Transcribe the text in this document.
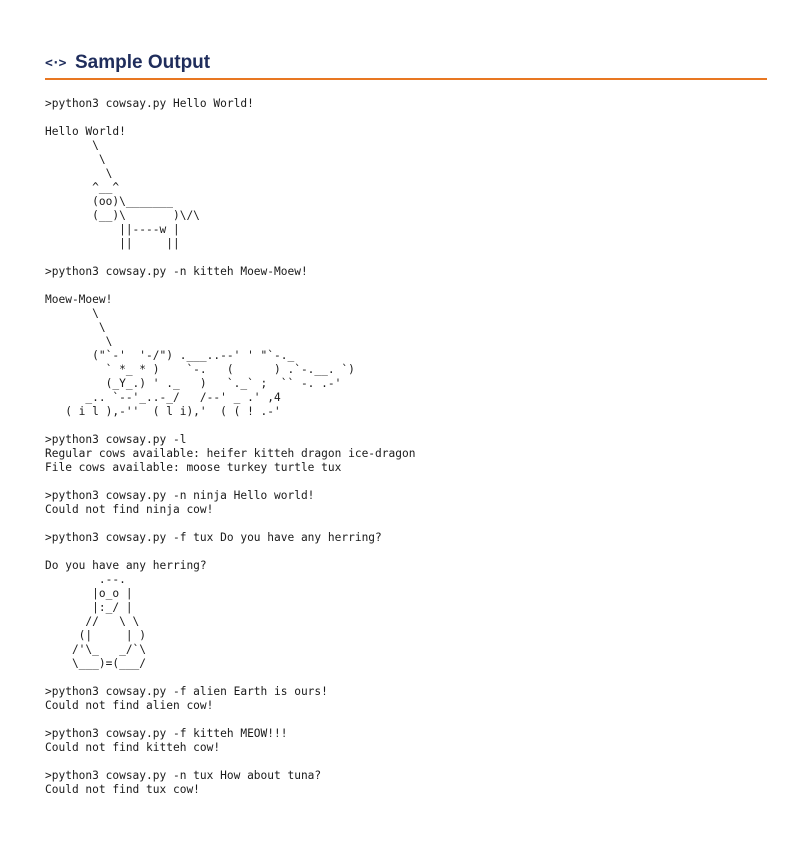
<·> Sample Output
>python3 cowsay.py Hello World!

Hello World!
\
\
\
^__^
(oo)\_______
(__)\       )\/\
||----w |
||     ||

>python3 cowsay.py -n kitteh Moew-Moew!

Moew-Moew!
\
\
\
("`-'  '-/") .___..--' ' "`-._
` *_ * )    `-.   (      ) .`-.__. `)
(_Y_.) ' ._   )   `._` ;  `` -. .-'
_.. `--'_..-_/   /--' _ .' ,4
( i l ),-''  ( l i),'  ( ( ! .-'

>python3 cowsay.py -l
Regular cows available: heifer kitteh dragon ice-dragon
File cows available: moose turkey turtle tux

>python3 cowsay.py -n ninja Hello world!
Could not find ninja cow!

>python3 cowsay.py -f tux Do you have any herring?

Do you have any herring?
.--.
|o_o |
|:_/ |
//   \ \
(|     | )
/'\_   _/`\
\___)=(___/

>python3 cowsay.py -f alien Earth is ours!
Could not find alien cow!

>python3 cowsay.py -f kitteh MEOW!!!
Could not find kitteh cow!

>python3 cowsay.py -n tux How about tuna?
Could not find tux cow!
